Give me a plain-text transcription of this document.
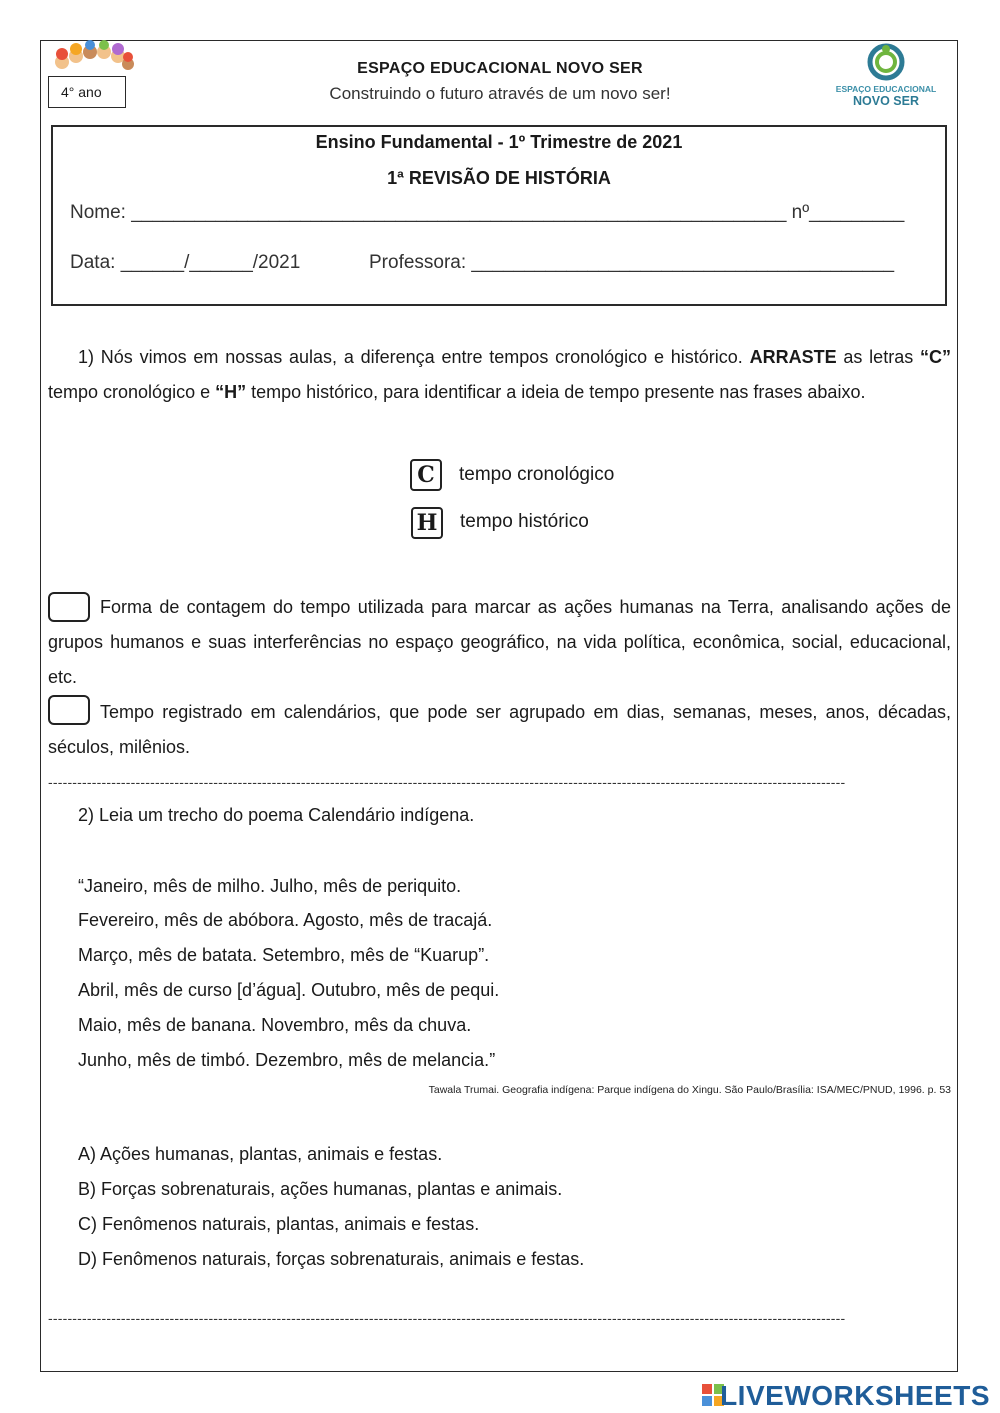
4° ano
ESPAÇO EDUCACIONAL NOVO SER
Construindo o futuro através de um novo ser!	ESPAÇO EDUCACIONAL
NOVO SER
Ensino Fundamental - 1º Trimestre de 2021
1ª REVISÃO DE HISTÓRIA
Nome: ______________________________________________________________ nº_________
Data: ______/______/2021	Professora: ________________________________________
1) Nós vimos em nossas aulas, a diferença entre tempos cronológico e histórico. ARRASTE as letras “C” tempo cronológico e “H” tempo histórico, para identificar a ideia de tempo presente nas frases abaixo.
C	tempo cronológico
H tempo histórico
Forma de contagem do tempo utilizada para marcar as ações humanas na Terra, analisando ações de grupos humanos e suas interferências no espaço geográfico, na vida política, econômica, social, educacional, etc.
Tempo registrado em calendários, que pode ser agrupado em dias, semanas, meses, anos, décadas, séculos, milênios.
--------------------------------------------------------------------------------------------------------------------------------------------------------------------
2) Leia um trecho do poema Calendário indígena.
“Janeiro, mês de milho. Julho, mês de periquito.
Fevereiro, mês de abóbora. Agosto, mês de tracajá.
Março, mês de batata. Setembro, mês de “Kuarup”.
Abril, mês de curso [d’água]. Outubro, mês de pequi.
Maio, mês de banana. Novembro, mês da chuva.
Junho, mês de timbó. Dezembro, mês de melancia.”
Tawala Trumai. Geografia indígena: Parque indígena do Xingu. São Paulo/Brasília: ISA/MEC/PNUD, 1996. p. 53
A) Ações humanas, plantas, animais e festas.
B) Forças sobrenaturais, ações humanas, plantas e animais.
C) Fenômenos naturais, plantas, animais e festas.
D) Fenômenos naturais, forças sobrenaturais, animais e festas.
--------------------------------------------------------------------------------------------------------------------------------------------------------------------
LIVEWORKSHEETS
